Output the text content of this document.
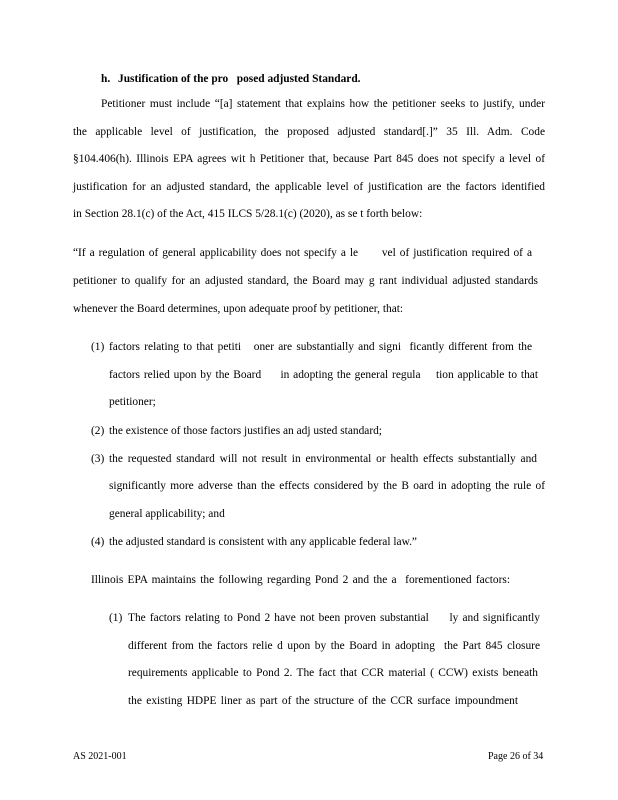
h. Justification of the pro   posed adjusted Standard.
Petitioner must include “[a] statement that explains how the petitioner seeks to justify, under
the applicable level of justification, the proposed adjusted standard[.]” 35 Ill. Adm. Code
§104.406(h). Illinois EPA agrees wit h Petitioner that, because Part 845 does not specify a level of
justification for an adjusted standard, the applicable level of justification are the factors identified
in Section 28.1(c) of the Act, 415 ILCS 5/28.1(c) (2020), as se t forth below:
“If a regulation of general applicability does not specify a le      vel of justification required of a
petitioner to qualify for an adjusted standard, the Board may g rant individual adjusted standards
whenever the Board determines, upon adequate proof by petitioner, that:
(1) factors relating to that petiti   oner are substantially and signi  ficantly different from the
factors relied upon by the Board     in adopting the general regula    tion applicable to that
petitioner;
(2) the existence of those factors justifies an adj usted standard;
(3) the requested standard will not result in environmental or health effects substantially and
significantly more adverse than the effects considered by the B oard in adopting the rule of
general applicability; and
(4) the adjusted standard is consistent with any applicable federal law.”
Illinois EPA maintains the following regarding Pond 2 and the a  forementioned factors:
(1) The factors relating to Pond 2 have not been proven substantial     ly and significantly
different from the factors relie d upon by the Board in adopting  the Part 845 closure
requirements applicable to Pond 2. The fact that CCR material ( CCW) exists beneath
the existing HDPE liner as part of the structure of the CCR surface impoundment
AS 2021-001	Page 26 of 34
